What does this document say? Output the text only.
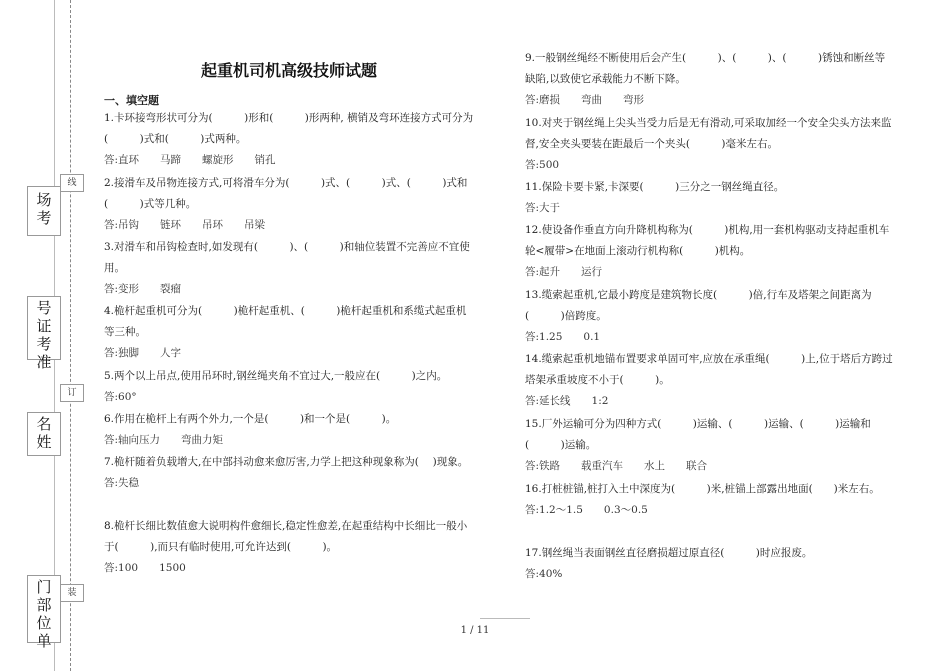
线
订
装
场
考
号
证
考
准
名
姓
门
部
位
单
起重机司机高级技师试题
一、填空题
1.卡环接弯形状可分为(　　　)形和(　　　)形两种, 横销及弯环连接方式可分为(　　　)式和(　　　)式两种。
答:直环　　马蹄　　螺旋形　　销孔
2.接滑车及吊物连接方式,可将滑车分为(　　　)式、(　　　)式、(　　　)式和(　　　)式等几种。
答:吊钩　　链环　　吊环　　吊梁
3.对滑车和吊钩检查时,如发现有(　　　)、(　　　)和轴位装置不完善应不宜使用。
答:变形　　裂瘤
4.桅杆起重机可分为(　　　)桅杆起重机、(　　　)桅杆起重机和系缆式起重机等三种。
答:独脚　　人字
5.两个以上吊点,使用吊环时,钢丝绳夹角不宜过大,一般应在(　　　)之内。
答:60°
6.作用在桅杆上有两个外力,一个是(　　　)和一个是(　　　)。
答:轴向压力　　弯曲力矩
7.桅杆随着负载增大,在中部抖动愈来愈厉害,力学上把这种现象称为(　 )现象。
答:失稳
8.桅杆长细比数值愈大说明构件愈细长,稳定性愈差,在起重结构中长细比一般小于(　　　),而只有临时使用,可允许达到(　　　)。
答:100　　1500
9.一般钢丝绳经不断使用后会产生(　　　)、(　　　)、(　　　)锈蚀和断丝等缺陷,以致使它承载能力不断下降。
答:磨损　　弯曲　　弯形
10.对夹于钢丝绳上尖头当受力后是无有滑动,可采取加经一个安全尖头方法来监督,安全夹头要装在距最后一个夹头(　　　)毫米左右。
答:500
11.保险卡要卡紧,卡深要(　　　)三分之一钢丝绳直径。
答:大于
12.使设备作垂直方向升降机构称为(　　　)机构,用一套机构驱动支持起重机车轮<履带>在地面上滚动行机构称(　　　)机构。
答:起升　　运行
13.缆索起重机,它最小跨度是建筑物长度(　　　)倍,行车及塔架之间距离为(　　　)倍跨度。
答:1.25　　0.1
14.缆索起重机地锚布置要求单固可牢,应放在承重绳(　　　)上,位于塔后方跨过塔架承重坡度不小于(　　　)。
答:延长线　　1:2
15.厂外运输可分为四种方式(　　　)运输、(　　　)运输、(　　　)运输和(　　　)运输。
答:铁路　　载重汽车　　水上　　联合
16.打桩桩锚,桩打入土中深度为(　　　)米,桩锚上部露出地面(　　)米左右。
答:1.2～1.5　　0.3～0.5
17.钢丝绳当表面钢丝直径磨损超过原直径(　　　)时应报废。
答:40%
1 / 11
